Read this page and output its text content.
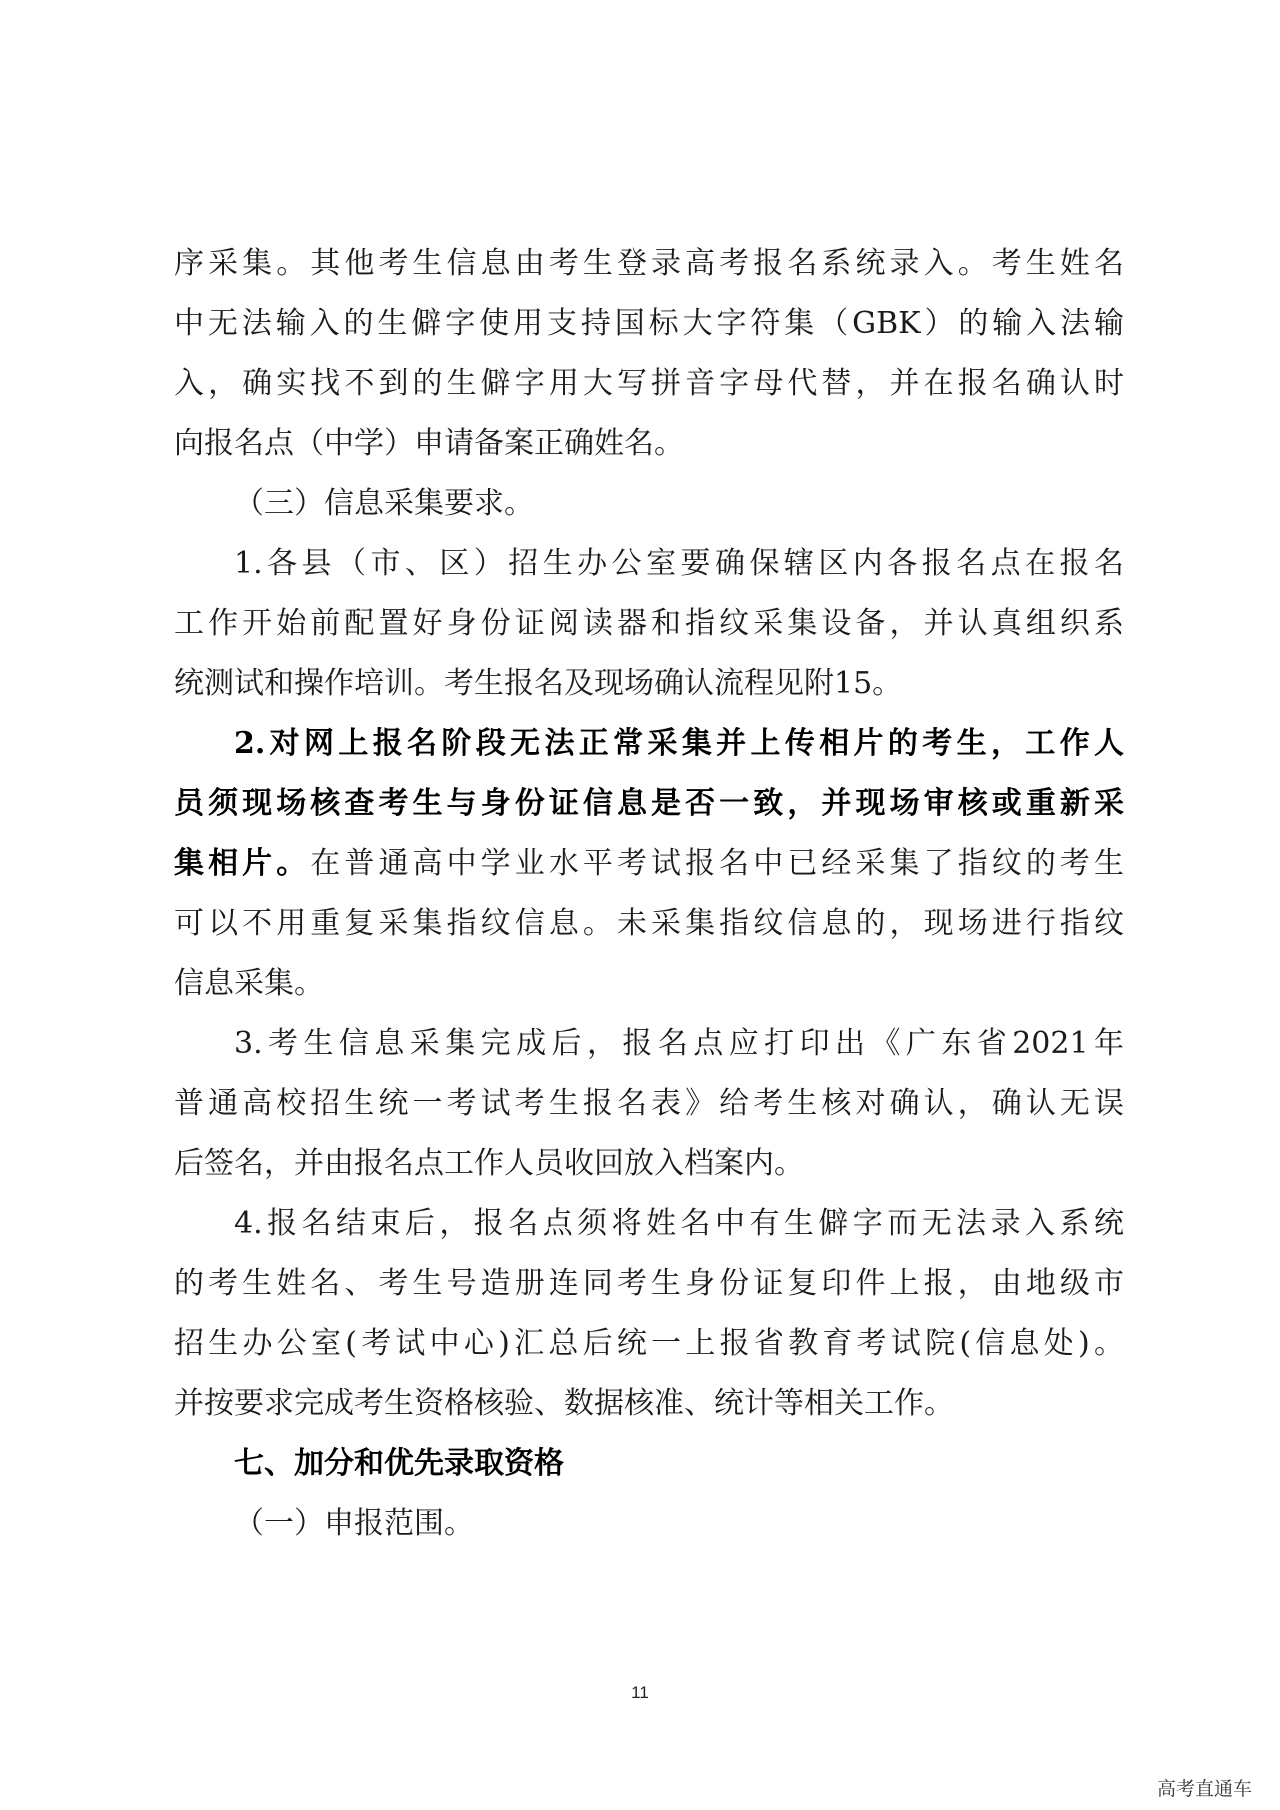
序采集。其他考生信息由考生登录高考报名系统录入。考生姓名
中无法输入的生僻字使用支持国标大字符集（GBK）的输入法输
入，确实找不到的生僻字用大写拼音字母代替，并在报名确认时
向报名点（中学）申请备案正确姓名。
（三）信息采集要求。
1.各县（市、区）招生办公室要确保辖区内各报名点在报名
工作开始前配置好身份证阅读器和指纹采集设备，并认真组织系
统测试和操作培训。考生报名及现场确认流程见附15。
2.对网上报名阶段无法正常采集并上传相片的考生，工作人
员须现场核查考生与身份证信息是否一致，并现场审核或重新采
集相片。在普通高中学业水平考试报名中已经采集了指纹的考生
可以不用重复采集指纹信息。未采集指纹信息的，现场进行指纹
信息采集。
3.考生信息采集完成后，报名点应打印出《广东省2021年
普通高校招生统一考试考生报名表》给考生核对确认，确认无误
后签名，并由报名点工作人员收回放入档案内。
4.报名结束后，报名点须将姓名中有生僻字而无法录入系统
的考生姓名、考生号造册连同考生身份证复印件上报，由地级市
招生办公室(考试中心)汇总后统一上报省教育考试院(信息处)。
并按要求完成考生资格核验、数据核准、统计等相关工作。
七、加分和优先录取资格
（一）申报范围。
11
高考直通车
